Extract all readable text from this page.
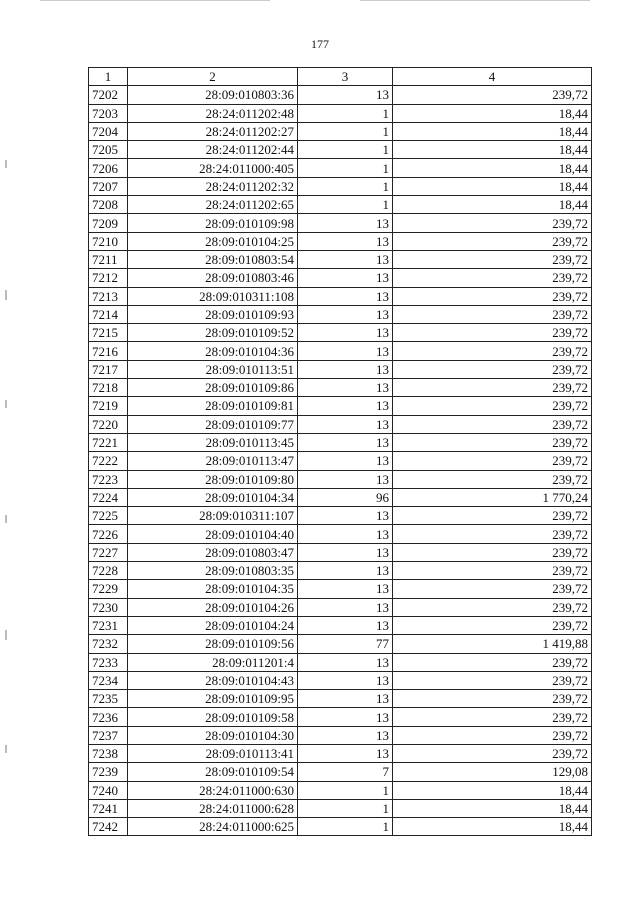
177
1	2	3	4
7202	28:09:010803:36	13	239,72
7203	28:24:011202:48	1	18,44
7204	28:24:011202:27	1	18,44
7205	28:24:011202:44	1	18,44
7206	28:24:011000:405	1	18,44
7207	28:24:011202:32	1	18,44
7208	28:24:011202:65	1	18,44
7209	28:09:010109:98	13	239,72
7210	28:09:010104:25	13	239,72
7211	28:09:010803:54	13	239,72
7212	28:09:010803:46	13	239,72
7213	28:09:010311:108	13	239,72
7214	28:09:010109:93	13	239,72
7215	28:09:010109:52	13	239,72
7216	28:09:010104:36	13	239,72
7217	28:09:010113:51	13	239,72
7218	28:09:010109:86	13	239,72
7219	28:09:010109:81	13	239,72
7220	28:09:010109:77	13	239,72
7221	28:09:010113:45	13	239,72
7222	28:09:010113:47	13	239,72
7223	28:09:010109:80	13	239,72
7224	28:09:010104:34	96	1 770,24
7225	28:09:010311:107	13	239,72
7226	28:09:010104:40	13	239,72
7227	28:09:010803:47	13	239,72
7228	28:09:010803:35	13	239,72
7229	28:09:010104:35	13	239,72
7230	28:09:010104:26	13	239,72
7231	28:09:010104:24	13	239,72
7232	28:09:010109:56	77	1 419,88
7233	28:09:011201:4	13	239,72
7234	28:09:010104:43	13	239,72
7235	28:09:010109:95	13	239,72
7236	28:09:010109:58	13	239,72
7237	28:09:010104:30	13	239,72
7238	28:09:010113:41	13	239,72
7239	28:09:010109:54	7	129,08
7240	28:24:011000:630	1	18,44
7241	28:24:011000:628	1	18,44
7242	28:24:011000:625	1	18,44
